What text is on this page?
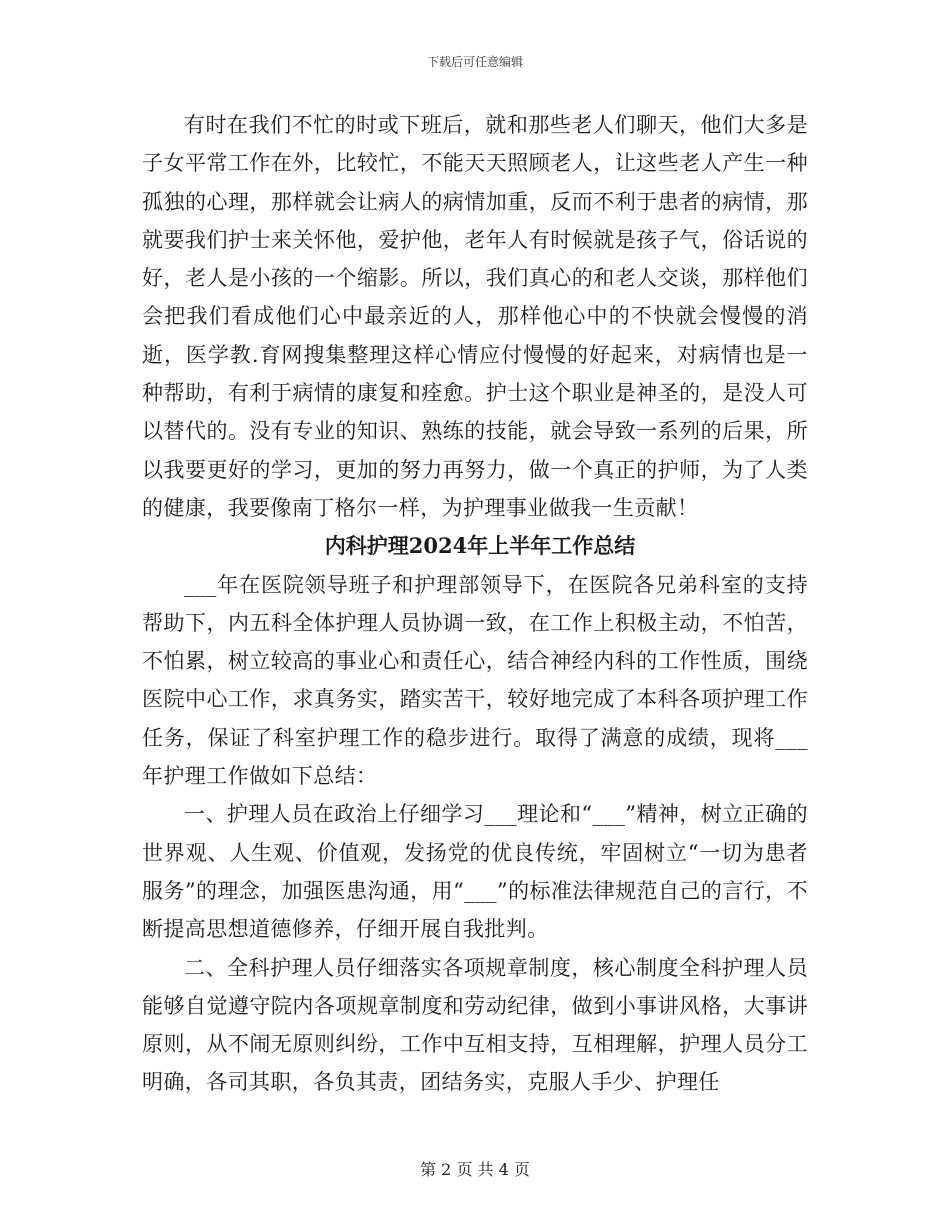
下载后可任意编辑

有时在我们不忙的时或下班后，就和那些老人们聊天，他们大多是子女平常工作在外，比较忙，不能天天照顾老人，让这些老人产生一种孤独的心理，那样就会让病人的病情加重，反而不利于患者的病情，那就要我们护士来关怀他，爱护他，老年人有时候就是孩子气，俗话说的好，老人是小孩的一个缩影。所以，我们真心的和老人交谈，那样他们会把我们看成他们心中最亲近的人，那样他心中的不快就会慢慢的消逝，医学教.育网搜集整理这样心情应付慢慢的好起来，对病情也是一种帮助，有利于病情的康复和痊愈。护士这个职业是神圣的，是没人可以替代的。没有专业的知识、熟练的技能，就会导致一系列的后果，所以我要更好的学习，更加的努力再努力，做一个真正的护师，为了人类的健康，我要像南丁格尔一样，为护理事业做我一生贡献！

内科护理2024年上半年工作总结

___年在医院领导班子和护理部领导下，在医院各兄弟科室的支持帮助下，内五科全体护理人员协调一致，在工作上积极主动，不怕苦，不怕累，树立较高的事业心和责任心，结合神经内科的工作性质，围绕医院中心工作，求真务实，踏实苦干，较好地完成了本科各项护理工作任务，保证了科室护理工作的稳步进行。取得了满意的成绩，现将___年护理工作做如下总结：

一、护理人员在政治上仔细学习___理论和“___”精神，树立正确的世界观、人生观、价值观，发扬党的优良传统，牢固树立“一切为患者服务”的理念，加强医患沟通，用“___”的标准法律规范自己的言行，不断提高思想道德修养，仔细开展自我批判。

二、全科护理人员仔细落实各项规章制度，核心制度全科护理人员能够自觉遵守院内各项规章制度和劳动纪律，做到小事讲风格，大事讲原则，从不闹无原则纠纷，工作中互相支持，互相理解，护理人员分工明确，各司其职，各负其责，团结务实，克服人手少、护理任

第 2 页 共 4 页
